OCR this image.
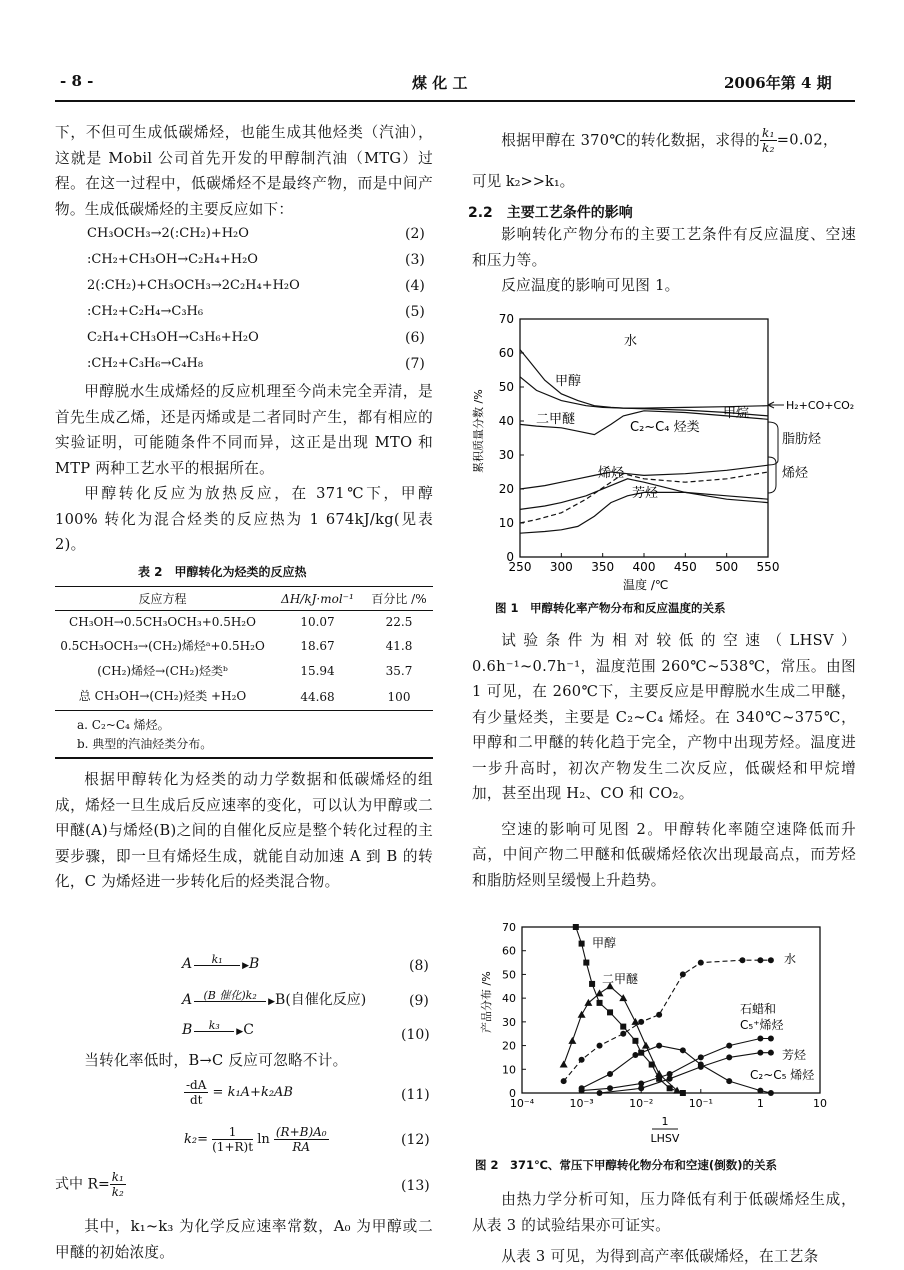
- 8 -	煤 化 工	2006年第 4 期

下，不但可生成低碳烯烃，也能生成其他烃类（汽油），这就是 Mobil 公司首先开发的甲醇制汽油（MTG）过程。在这一过程中，低碳烯烃不是最终产物，而是中间产物。生成低碳烯烃的主要反应如下：

CH₃OCH₃→2(:CH₂)+H₂O	(2)
:CH₂+CH₃OH→C₂H₄+H₂O	(3)
2(:CH₂)+CH₃OCH₃→2C₂H₄+H₂O	(4)
:CH₂+C₂H₄→C₃H₆	(5)
C₂H₄+CH₃OH→C₃H₆+H₂O	(6)
:CH₂+C₃H₆→C₄H₈	(7)

甲醇脱水生成烯烃的反应机理至今尚未完全弄清，是首先生成乙烯，还是丙烯或是二者同时产生，都有相应的实验证明，可能随条件不同而异，这正是出现 MTO 和 MTP 两种工艺水平的根据所在。

甲醇转化反应为放热反应，在 371℃下，甲醇 100% 转化为混合烃类的反应热为 1 674kJ/kg(见表 2)。

表 2　甲醇转化为烃类的反应热
反应方程	ΔH/kJ·mol⁻¹	百分比 /%
CH₃OH→0.5CH₃OCH₃+0.5H₂O	10.07	22.5
0.5CH₃OCH₃→(CH₂)烯烃ᵃ+0.5H₂O	18.67	41.8
(CH₂)烯烃→(CH₂)烃类ᵇ	15.94	35.7
总 CH₃OH→(CH₂)烃类 +H₂O	44.68	100
a. C₂~C₄ 烯烃。
b. 典型的汽油烃类分布。

根据甲醇转化为烃类的动力学数据和低碳烯烃的组成，烯烃一旦生成后反应速率的变化，可以认为甲醇或二甲醚(A)与烯烃(B)之间的自催化反应是整个转化过程的主要步骤，即一旦有烯烃生成，就能自动加速 A 到 B 的转化，C 为烯烃进一步转化后的烃类混合物。

A k₁ ▶B	(8)
A (B 催化)k₂ ▶B(自催化反应)	(9)
B k₃ ▶C	(10)

当转化率低时，B→C 反应可忽略不计。

$\frac{-dA}{dt} = k_1A+k_2AB$	(11)
$k_2= \frac{1}{(1+R)t}$ $\ln \frac{\text{(R+B)A₀}}{RA}$	(12)
式中 $R= \frac{\text{k₁}}{\text{k₂}}$	(13)

其中，k₁~k₃ 为化学反应速率常数，A₀ 为甲醇或二甲醚的初始浓度。

根据甲醇在 370℃的转化数据，求得的 $\frac{\text{k₁}}{\text{k₂}} =0.02$，
可见 k₂>>k₁。
2.2　主要工艺条件的影响

影响转化产物分布的主要工艺条件有反应温度、空速和压力等。

反应温度的影响可见图 1。

250 300 350 400 450 500 550
0
10
20
30
40
50
60
70
水
甲醇
二甲醚
C₂~C₄ 烃类
甲烷
烯烃
芳烃
H₂+CO+CO₂
脂肪烃
烯烃
累积质量分数 /%
温度 /℃
图 1　甲醇转化率产物分布和反应温度的关系

试验条件为相对较低的空速（LHSV）0.6h⁻¹~0.7h⁻¹，温度范围 260℃~538℃，常压。由图 1 可见，在 260℃下，主要反应是甲醇脱水生成二甲醚，有少量烃类，主要是 C₂~C₄ 烯烃。在 340℃~375℃，甲醇和二甲醚的转化趋于完全，产物中出现芳烃。温度进一步升高时，初次产物发生二次反应，低碳烃和甲烷增加，甚至出现 H₂、CO 和 CO₂。

空速的影响可见图 2。甲醇转化率随空速降低而升高，中间产物二甲醚和低碳烯烃依次出现最高点，而芳烃和脂肪烃则呈缓慢上升趋势。

10⁻⁴	10⁻³	10⁻²	10⁻¹	1	10
0
10
20
30
40
50
60
70
甲醇
二甲醚
水
石蜡和
C₅⁺烯烃
芳烃
C₂~C₅ 烯烃
产品分布 /%
1
LHSV
图 2　371℃、常压下甲醇转化物分布和空速(倒数)的关系

由热力学分析可知，压力降低有利于低碳烯烃生成，从表 3 的试验结果亦可证实。

从表 3 可见，为得到高产率低碳烯烃，在工艺条
